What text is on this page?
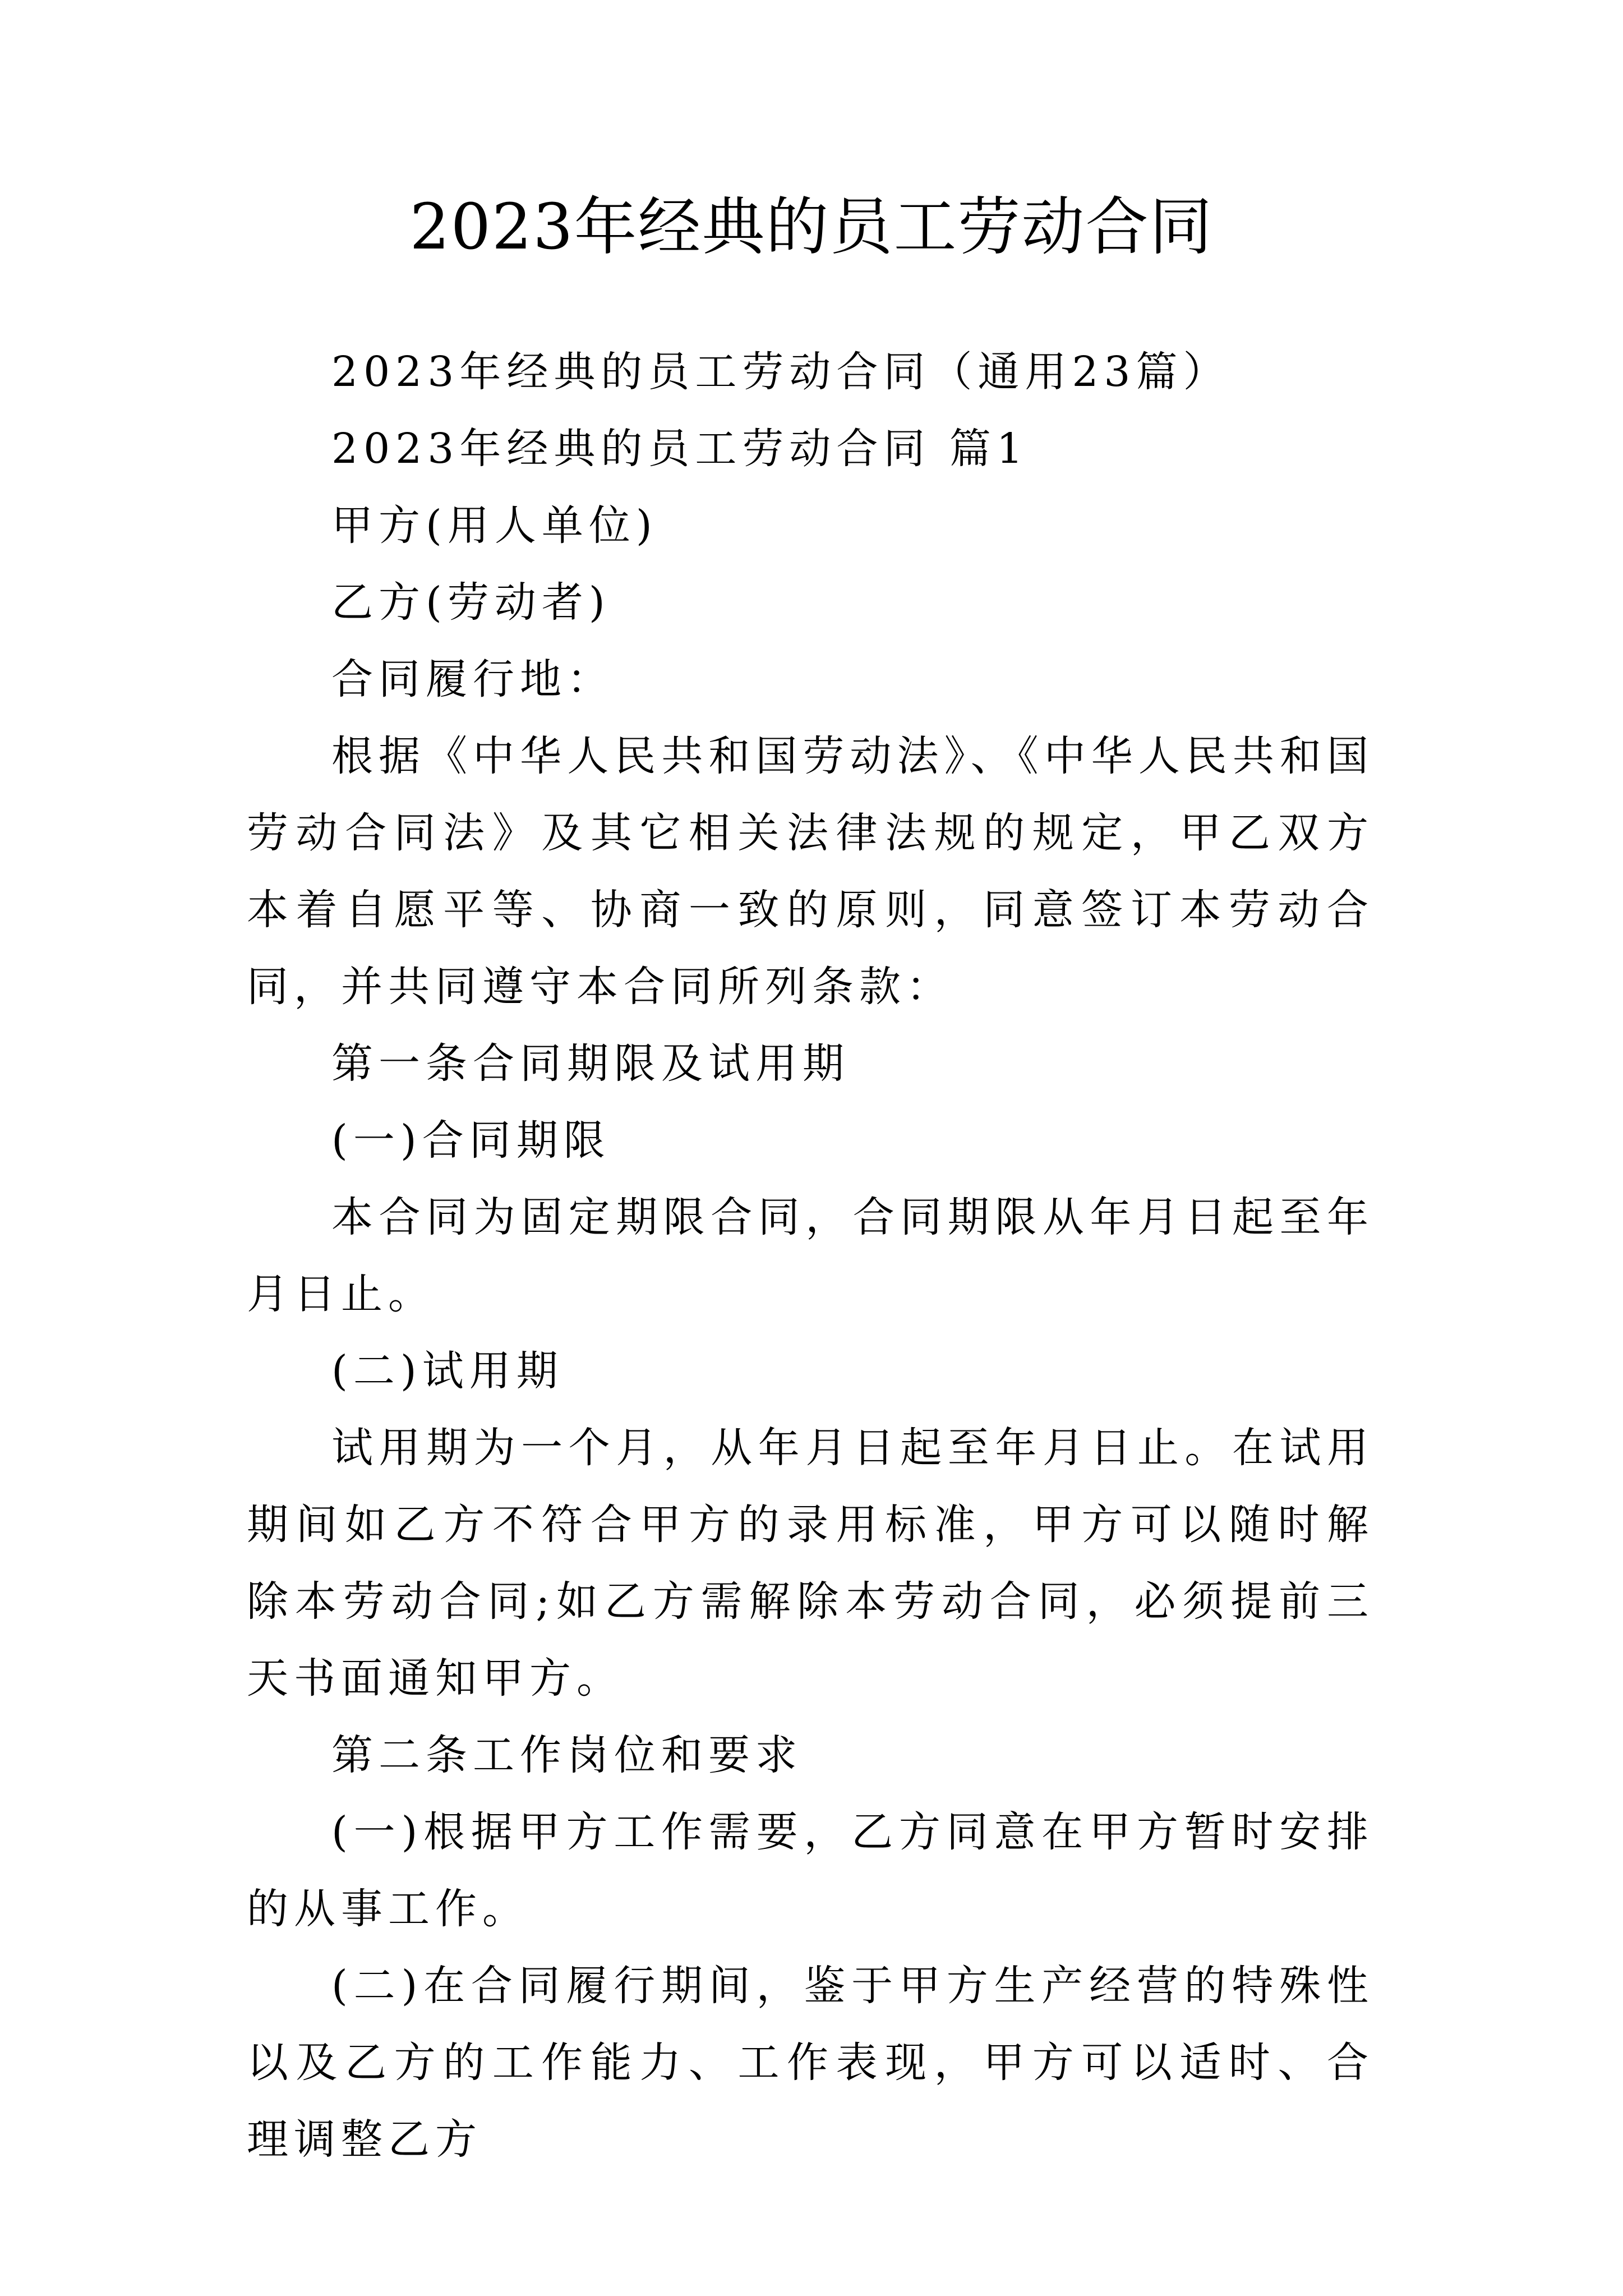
2023年经典的员工劳动合同

2023年经典的员工劳动合同（通用23篇）

2023年经典的员工劳动合同 篇1

甲方(用人单位)

乙方(劳动者)

合同履行地：

根据《中华人民共和国劳动法》、《中华人民共和国劳动合同法》及其它相关法律法规的规定，甲乙双方本着自愿平等、协商一致的原则，同意签订本劳动合同，并共同遵守本合同所列条款：

第一条合同期限及试用期

(一)合同期限

本合同为固定期限合同，合同期限从年月日起至年月日止。

(二)试用期

试用期为一个月，从年月日起至年月日止。在试用期间如乙方不符合甲方的录用标准，甲方可以随时解除本劳动合同;如乙方需解除本劳动合同，必须提前三天书面通知甲方。

第二条工作岗位和要求

(一)根据甲方工作需要，乙方同意在甲方暂时安排的从事工作。

(二)在合同履行期间，鉴于甲方生产经营的特殊性以及乙方的工作能力、工作表现，甲方可以适时、合理调整乙方
